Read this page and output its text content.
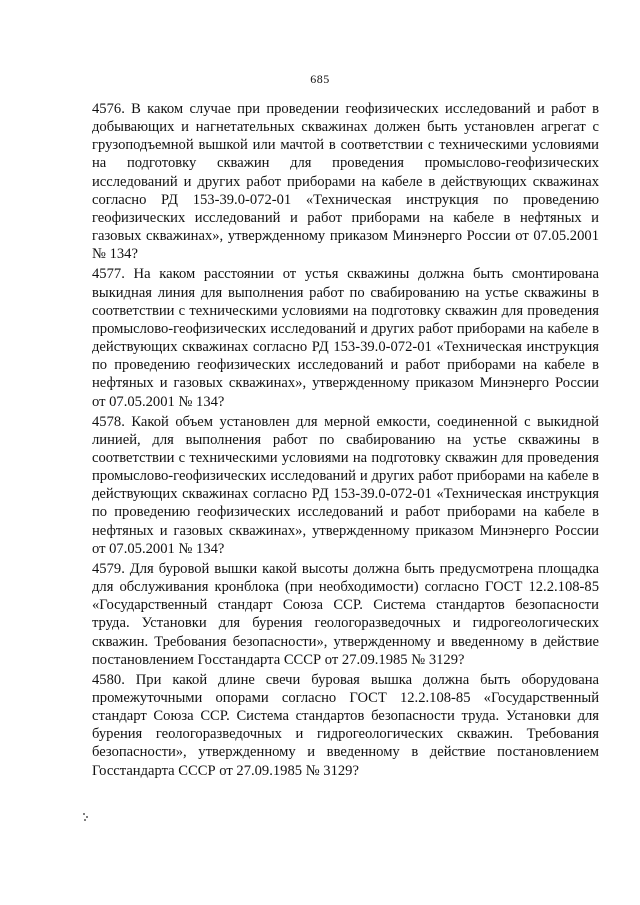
685

4576. В каком случае при проведении геофизических исследований и работ в добывающих и нагнетательных скважинах должен быть установлен агрегат с грузоподъемной вышкой или мачтой в соответствии с техническими условиями на подготовку скважин для проведения промыслово-геофизических исследований и других работ приборами на кабеле в действующих скважинах согласно РД 153-39.0-072-01 «Техническая инструкция по проведению геофизических исследований и работ приборами на кабеле в нефтяных и газовых скважинах», утвержденному приказом Минэнерго России от 07.05.2001 № 134?

4577. На каком расстоянии от устья скважины должна быть смонтирована выкидная линия для выполнения работ по свабированию на устье скважины в соответствии с техническими условиями на подготовку скважин для проведения промыслово-геофизических исследований и других работ приборами на кабеле в действующих скважинах согласно РД 153-39.0-072-01 «Техническая инструкция по проведению геофизических исследований и работ приборами на кабеле в нефтяных и газовых скважинах», утвержденному приказом Минэнерго России от 07.05.2001 № 134?

4578. Какой объем установлен для мерной емкости, соединенной с выкидной линией, для выполнения работ по свабированию на устье скважины в соответствии с техническими условиями на подготовку скважин для проведения промыслово-геофизических исследований и других работ приборами на кабеле в действующих скважинах согласно РД 153-39.0-072-01 «Техническая инструкция по проведению геофизических исследований и работ приборами на кабеле в нефтяных и газовых скважинах», утвержденному приказом Минэнерго России от 07.05.2001 № 134?

4579. Для буровой вышки какой высоты должна быть предусмотрена площадка для обслуживания кронблока (при необходимости) согласно ГОСТ 12.2.108-85 «Государственный стандарт Союза ССР. Система стандартов безопасности труда. Установки для бурения геологоразведочных и гидрогеологических скважин. Требования безопасности», утвержденному и введенному в действие постановлением Госстандарта СССР от 27.09.1985 № 3129?

4580. При какой длине свечи буровая вышка должна быть оборудована промежуточными опорами согласно ГОСТ 12.2.108-85 «Государственный стандарт Союза ССР. Система стандартов безопасности труда. Установки для бурения геологоразведочных и гидрогеологических скважин. Требования безопасности», утвержденному и введенному в действие постановлением Госстандарта СССР от 27.09.1985 № 3129?
